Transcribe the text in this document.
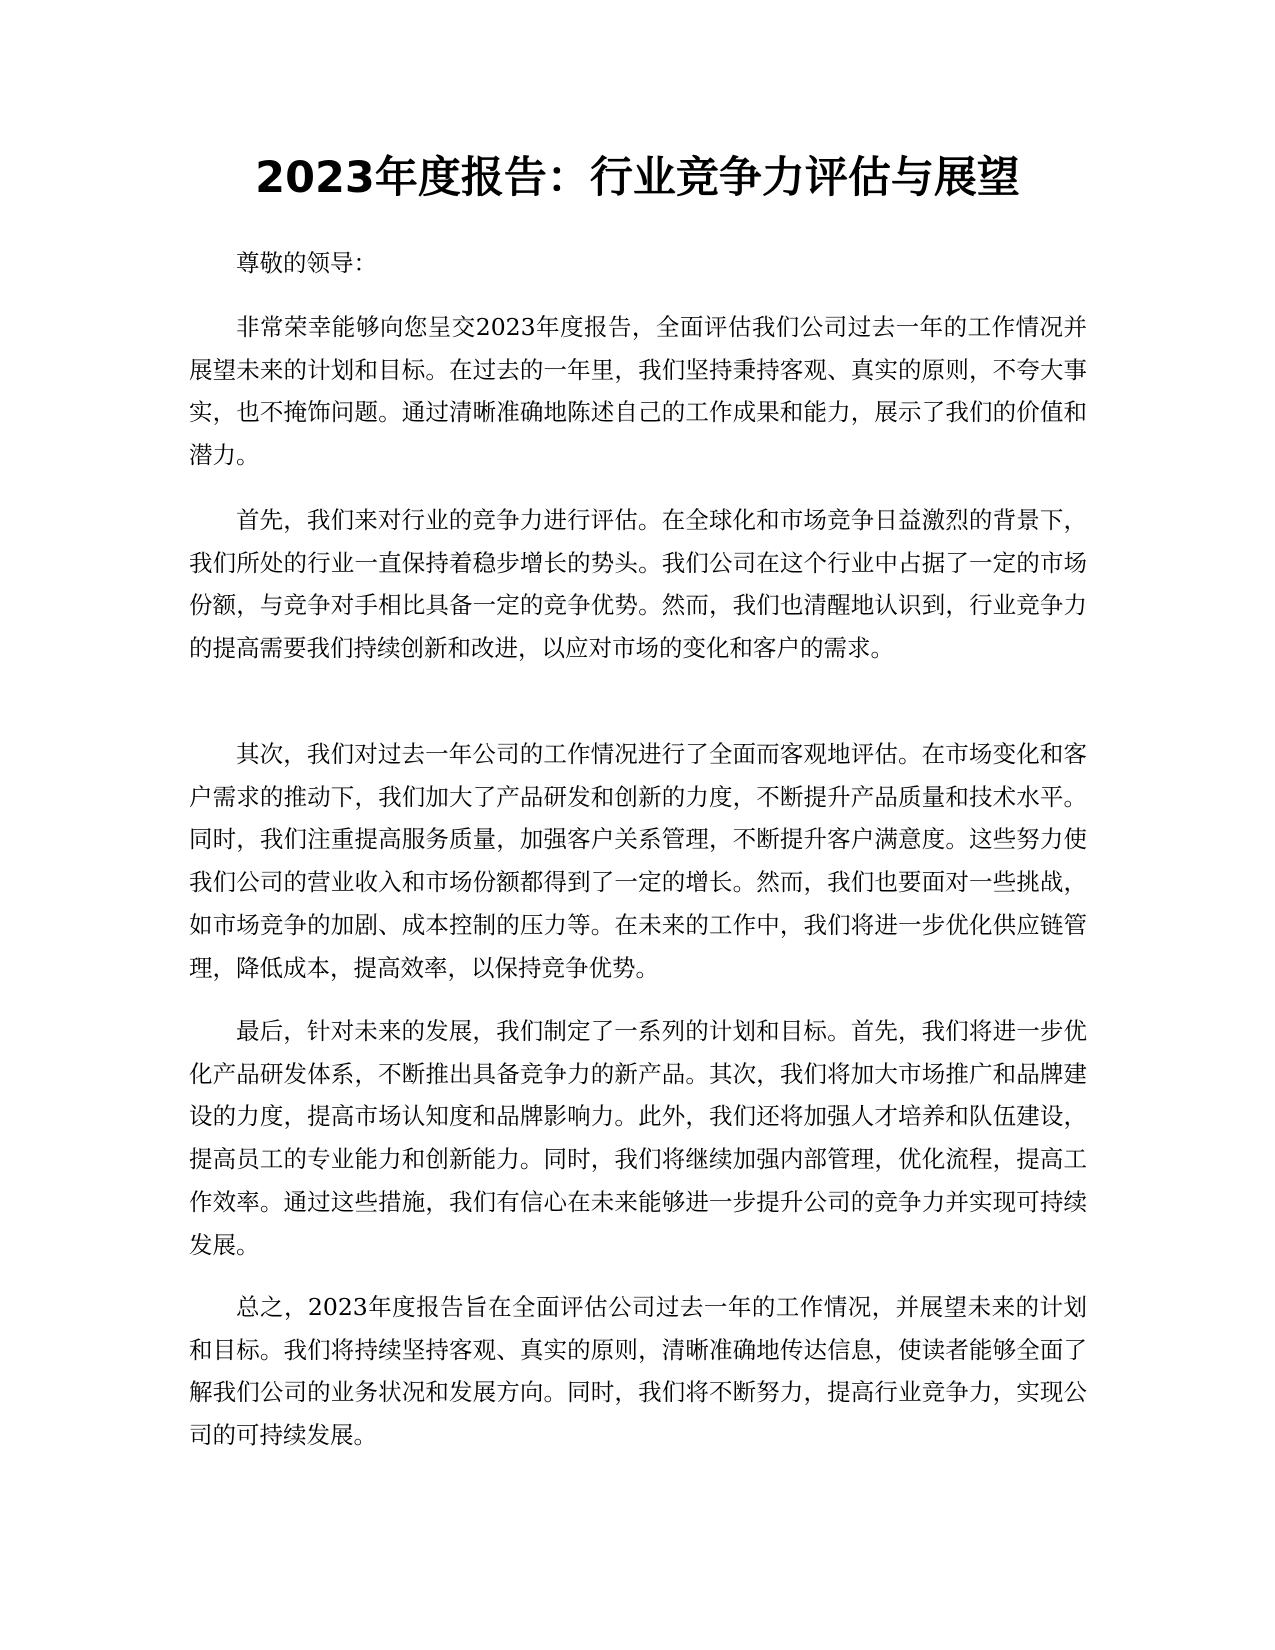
2023年度报告：行业竞争力评估与展望

尊敬的领导：

非常荣幸能够向您呈交2023年度报告，全面评估我们公司过去一年的工作情况并展望未来的计划和目标。在过去的一年里，我们坚持秉持客观、真实的原则，不夸大事实，也不掩饰问题。通过清晰准确地陈述自己的工作成果和能力，展示了我们的价值和潜力。

首先，我们来对行业的竞争力进行评估。在全球化和市场竞争日益激烈的背景下，我们所处的行业一直保持着稳步增长的势头。我们公司在这个行业中占据了一定的市场份额，与竞争对手相比具备一定的竞争优势。然而，我们也清醒地认识到，行业竞争力的提高需要我们持续创新和改进，以应对市场的变化和客户的需求。

其次，我们对过去一年公司的工作情况进行了全面而客观地评估。在市场变化和客户需求的推动下，我们加大了产品研发和创新的力度，不断提升产品质量和技术水平。同时，我们注重提高服务质量，加强客户关系管理，不断提升客户满意度。这些努力使我们公司的营业收入和市场份额都得到了一定的增长。然而，我们也要面对一些挑战，如市场竞争的加剧、成本控制的压力等。在未来的工作中，我们将进一步优化供应链管理，降低成本，提高效率，以保持竞争优势。

最后，针对未来的发展，我们制定了一系列的计划和目标。首先，我们将进一步优化产品研发体系，不断推出具备竞争力的新产品。其次，我们将加大市场推广和品牌建设的力度，提高市场认知度和品牌影响力。此外，我们还将加强人才培养和队伍建设，提高员工的专业能力和创新能力。同时，我们将继续加强内部管理，优化流程，提高工作效率。通过这些措施，我们有信心在未来能够进一步提升公司的竞争力并实现可持续发展。

总之，2023年度报告旨在全面评估公司过去一年的工作情况，并展望未来的计划和目标。我们将持续坚持客观、真实的原则，清晰准确地传达信息，使读者能够全面了解我们公司的业务状况和发展方向。同时，我们将不断努力，提高行业竞争力，实现公司的可持续发展。
